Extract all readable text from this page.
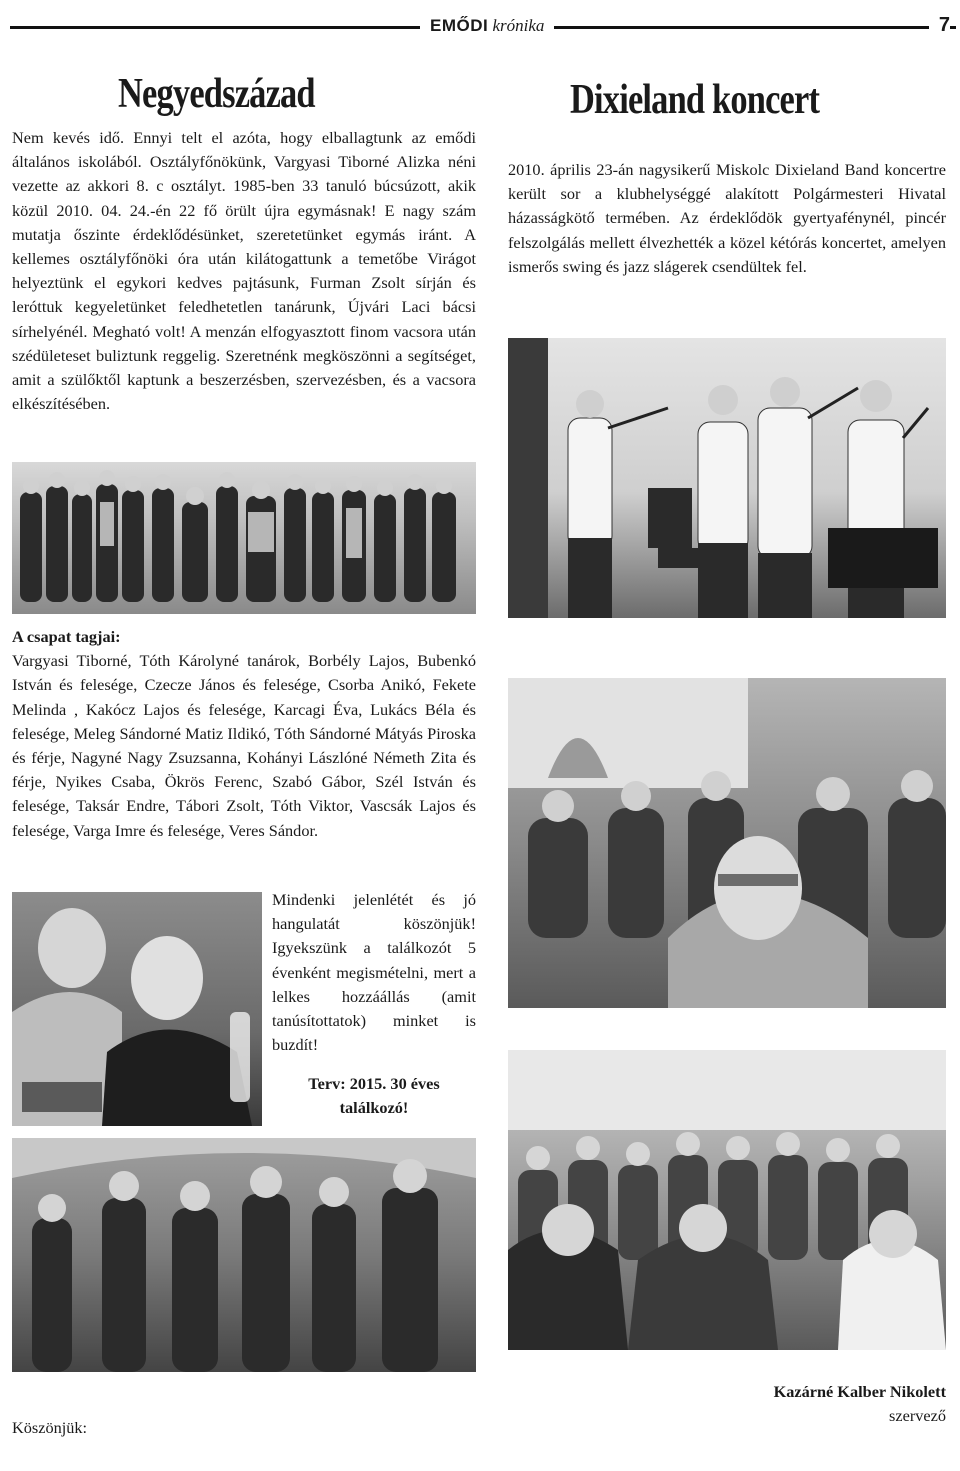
EMŐDI krónika	7
Negyedszázad
Nem kevés idő. Ennyi telt el azóta, hogy elballagtunk az emődi általános iskolából. Osztályfőnökünk, Vargyasi Tiborné Alizka néni vezette az akkori 8. c osztályt. 1985-ben 33 tanuló búcsúzott, akik közül 2010. 04. 24.-én 22 fő örült újra egymásnak! E nagy szám mutatja őszinte érdeklődésünket, szeretetünket egymás iránt. A kellemes osztályfőnöki óra után kilátogattunk a temetőbe Virágot helyeztünk el egykori kedves pajtásunk, Furman Zsolt sírján és leróttuk kegyeletünket feledhetetlen tanárunk, Újvári Laci bácsi sírhelyénél. Megható volt! A menzán elfogyasztott finom vacsora után szédületeset buliztunk reggelig. Szeretnénk megköszönni a segítséget, amit a szülőktől kaptunk a beszerzésben, szervezésben, és a vacsora elkészítésében.
A csapat tagjai:
Vargyasi Tiborné, Tóth Károlyné tanárok, Borbély Lajos, Bubenkó István és felesége, Czecze János és felesége, Csorba Anikó, Fekete Melinda , Kakócz Lajos és felesége, Karcagi Éva, Lukács Béla és felesége, Meleg Sándorné Matiz Ildikó, Tóth Sándorné Mátyás Piroska és férje, Nagyné Nagy Zsuzsanna, Kohányi Lászlóné Németh Zita és férje, Nyikes Csaba, Ökrös Ferenc, Szabó Gábor, Szél István és felesége, Taksár Endre, Tábori Zsolt, Tóth Viktor, Vascsák Lajos és felesége, Varga Imre és felesége, Veres Sándor.
Mindenki jelenlétét és jó hangulatát köszönjük! Igyekszünk a találkozót 5 évenként megismételni, mert a lelkes hozzáállás (amit tanúsítottatok) minket is buzdít!
Terv: 2015. 30 éves találkozó!
Köszönjük:
Dixieland koncert
2010. április 23-án nagysikerű Miskolc Dixieland Band koncertre került sor a klubhelységgé alakított Polgármesteri Hivatal házasságkötő termében. Az érdeklődök gyertyafénynél, pincér felszolgálás mellett élvezhették a közel kétórás koncertet, amelyen ismerős swing és jazz slágerek csendültek fel.
Kazárné Kalber Nikolett
szervező
